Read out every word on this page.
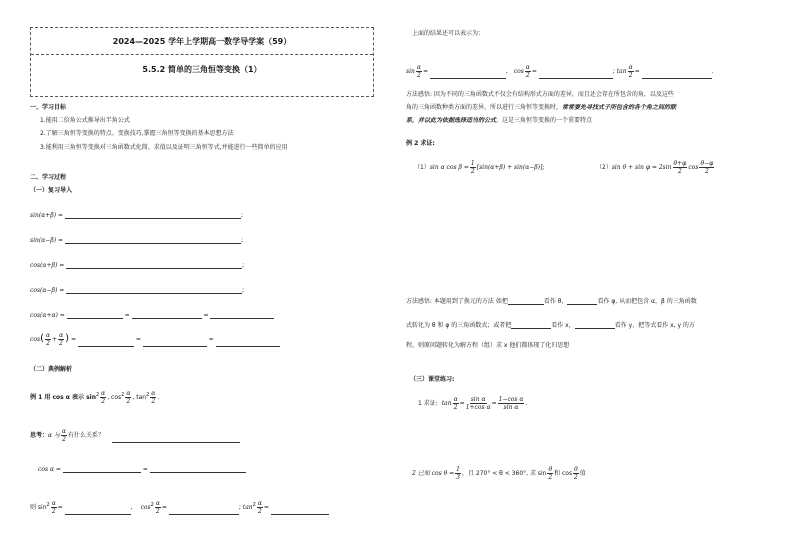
2024—2025 学年上学期高一数学导学案（59）
5.5.2 简单的三角恒等变换（1）
一、学习目标
1.能用二倍角公式推导出半角公式
2.了解三角恒等变换的特点、变换技巧,掌握三角恒等变换的基本思想方法
3.能利用三角恒等变换对三角函数式化简、求值以及证明三角恒等式,并能进行一些简单的应用
二、学习过程
（一）复习导入
sin(α+β) =	;
sin(α−β) =	;
cos(α+β) =	;
cos(α−β) =	;
cos(α+α) =	=	=
$\cos( \frac{\alpha}{2} + \frac{\alpha}{2}$ ) =	=	=
（二）典例解析
例 1 用 cos α 表示 $\sin^2 \frac{\alpha}{2}$ , $\cos^2 \frac{\alpha}{2}$ , $\tan^2 \frac{\alpha}{2}$ .
思考：α 与 $\frac{\alpha}{2}$ 有什么关系？
cos α =	=
则 $\sin^2 \frac{\alpha}{2}$ =	, $\cos^2 \frac{\alpha}{2}$ =	; $\tan^2 \frac{\alpha}{2}$ =
上面的结果还可以表示为：
$\sin \frac{\alpha}{2}$ =	, $\cos \frac{\alpha}{2}$ =	; $\tan \frac{\alpha}{2}$ =	.
方法感悟: 因为不同的三角函数式不仅会有结构形式方面的差异，而且还会存在所包含的角，以及这些
角的三角函数种类方面的差异，所以进行三角恒等变换时，常常要先寻找式子所包含的各个角之间的联
系，并以此为依据选择适当的公式，这是三角恒等变换的一个重要特点
例 2 求证:
（1）sin α $\cos \beta = \frac{1}{2} [\sin(\alpha+\beta) + \sin(\alpha-\beta)]$;	（2）sin $\theta + \sin \varphi = 2\sin \frac{\theta+\varphi}{2}$ $\cos \frac{\theta-\varphi}{2}$
方法感悟: 本题用到了换元的方法 如把	看作 θ，	看作 φ, 从而把包含 α，β 的三角函数
式转化为 θ 和 φ 的三角函数式；或者把	看作 x，	看作 y，把等式看作 x, y 的方
程，则原问题转化为解方程（组）求 x 他们都体现了化归思想
（三）课堂练习:
1 求证: $\tan \frac{\alpha}{2} = \frac{\text{sin α}}{\text{1+cos α}} = \frac{\text{1−cos α}}{\text{sin α}}$ .
2 已知 $\cos \theta = \frac{1}{3}$ ，且 270° < θ < 360°, 求 $\sin \frac{\theta}{2}$ 和 $\cos \frac{\theta}{2}$ 值
